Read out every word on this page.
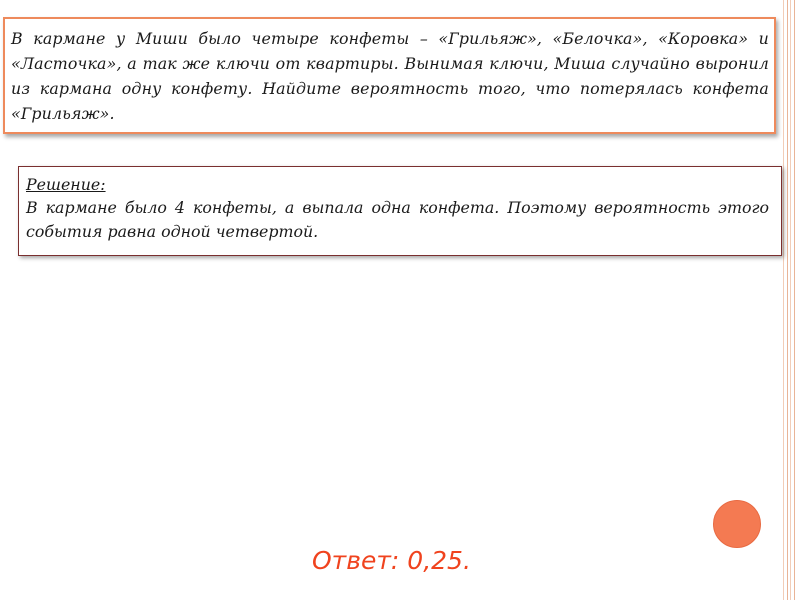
В кармане у Миши было четыре конфеты – «Грильяж», «Белочка», «Коровка» и «Ласточка», а так же ключи от квартиры. Вынимая ключи, Миша случайно выронил из кармана одну конфету. Найдите вероятность того, что потерялась конфета «Грильяж».

Решение:

В кармане было 4 конфеты, а выпала одна конфета. Поэтому вероятность этого события равна одной четвертой.

Ответ: 0,25.
